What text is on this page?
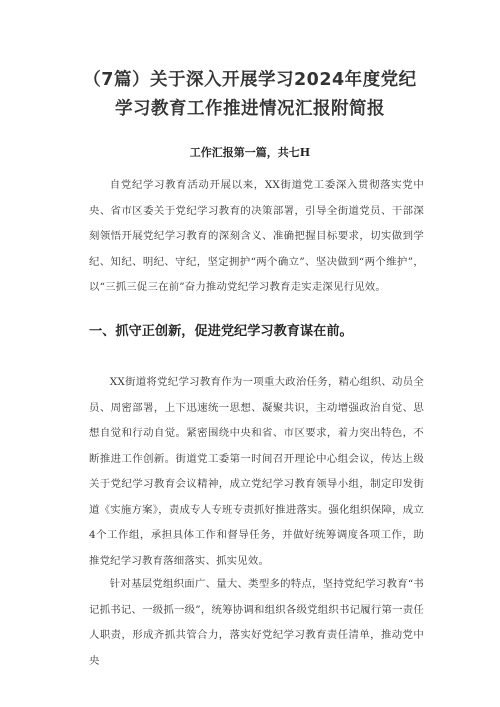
（7篇）关于深入开展学习2024年度党纪
学习教育工作推进情况汇报附简报
工作汇报第一篇，共七H

自党纪学习教育活动开展以来，XX街道党工委深入贯彻落实党中央、省市区委关于党纪学习教育的决策部署，引导全街道党员、干部深刻领悟开展党纪学习教育的深刻含义、准确把握目标要求，切实做到学纪、知纪、明纪、守纪，坚定拥护“两个确立”、坚决做到“两个维护”，以“三抓三促三在前”奋力推动党纪学习教育走实走深见行见效。

一、抓守正创新，促进党纪学习教育谋在前。

XX街道将党纪学习教育作为一项重大政治任务，精心组织、动员全员、周密部署，上下迅速统一思想、凝聚共识，主动增强政治自觉、思想自觉和行动自觉。紧密围绕中央和省、市区要求，着力突出特色，不断推进工作创新。街道党工委第一时间召开理论中心组会议，传达上级关于党纪学习教育会议精神，成立党纪学习教育领导小组，制定印发街道《实施方案》，责成专人专班专责抓好推进落实。强化组织保障，成立4个工作组，承担具体工作和督导任务，并做好统筹调度各项工作，助推党纪学习教育落细落实、抓实见效。

针对基层党组织面广、量大、类型多的特点，坚持党纪学习教育“书记抓书记、一级抓一级”，统筹协调和组织各级党组织书记履行第一责任人职责，形成齐抓共管合力，落实好党纪学习教育责任清单，推动党中央
